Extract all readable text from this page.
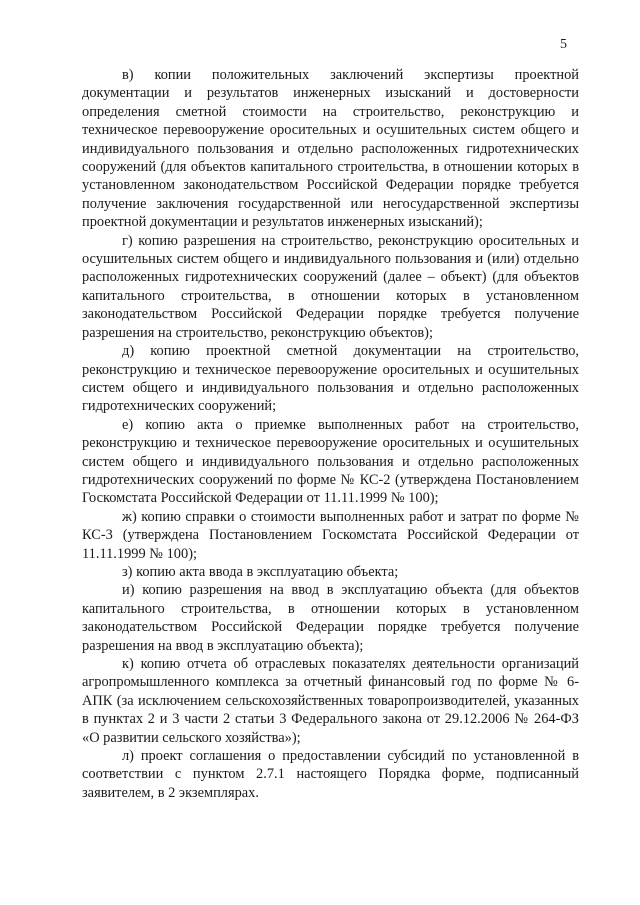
5

в) копии положительных заключений экспертизы проектной документации и результатов инженерных изысканий и достоверности определения сметной стоимости на строительство, реконструкцию и техническое перевооружение оросительных и осушительных систем общего и индивидуального пользования и отдельно расположенных гидротехнических сооружений (для объектов капитального строительства, в отношении которых в установленном законодательством Российской Федерации порядке требуется получение заключения государственной или негосударственной экспертизы проектной документации и результатов инженерных изысканий);

г) копию разрешения на строительство, реконструкцию оросительных и осушительных систем общего и индивидуального пользования и (или) отдельно расположенных гидротехнических сооружений (далее – объект) (для объектов капитального строительства, в отношении которых в установленном законодательством Российской Федерации порядке требуется получение разрешения на строительство, реконструкцию объектов);

д) копию проектной сметной документации на строительство, реконструкцию и техническое перевооружение оросительных и осушительных систем общего и индивидуального пользования и отдельно расположенных гидротехнических сооружений;

е) копию акта о приемке выполненных работ на строительство, реконструкцию и техническое перевооружение оросительных и осушительных систем общего и индивидуального пользования и отдельно расположенных гидротехнических сооружений по форме № КС-2 (утверждена Постановлением Госкомстата Российской Федерации от 11.11.1999 № 100);

ж) копию справки о стоимости выполненных работ и затрат по форме № КС-3 (утверждена Постановлением Госкомстата Российской Федерации от 11.11.1999 № 100);

з) копию акта ввода в эксплуатацию объекта;

и) копию разрешения на ввод в эксплуатацию объекта (для объектов капитального строительства, в отношении которых в установленном законодательством Российской Федерации порядке требуется получение разрешения на ввод в эксплуатацию объекта);

к) копию отчета об отраслевых показателях деятельности организаций агропромышленного комплекса за отчетный финансовый год по форме № 6-АПК (за исключением сельскохозяйственных товаропроизводителей, указанных в пунктах 2 и 3 части 2 статьи 3 Федерального закона от 29.12.2006 № 264-ФЗ «О развитии сельского хозяйства»);

л) проект соглашения о предоставлении субсидий по установленной в соответствии с пунктом 2.7.1 настоящего Порядка форме, подписанный заявителем, в 2 экземплярах.
